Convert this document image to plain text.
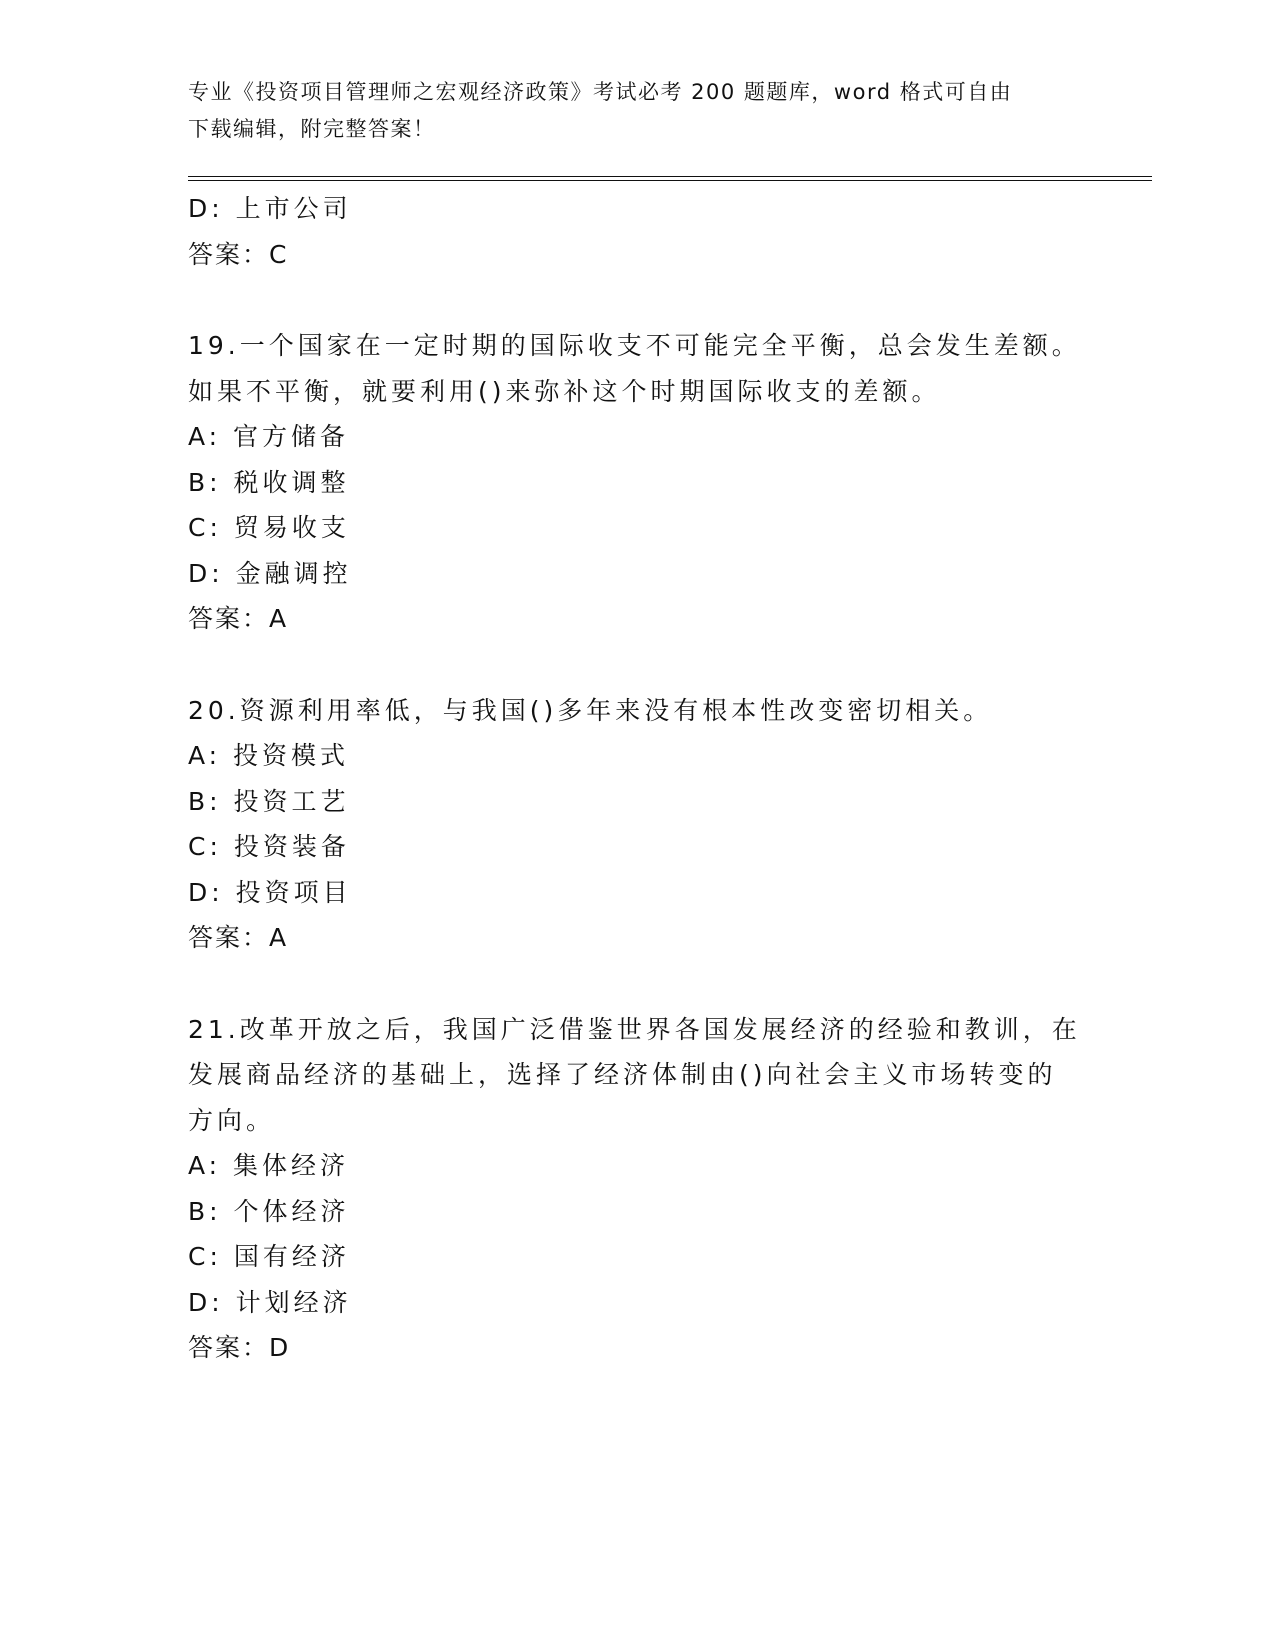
专业《投资项目管理师之宏观经济政策》考试必考 200 题题库，word 格式可自由
下载编辑，附完整答案！
D: 上市公司
答案：C
19.一个国家在一定时期的国际收支不可能完全平衡，总会发生差额。
如果不平衡，就要利用()来弥补这个时期国际收支的差额。
A: 官方储备
B: 税收调整
C: 贸易收支
D: 金融调控
答案：A
20.资源利用率低，与我国()多年来没有根本性改变密切相关。
A: 投资模式
B: 投资工艺
C: 投资装备
D: 投资项目
答案：A
21.改革开放之后，我国广泛借鉴世界各国发展经济的经验和教训，在
发展商品经济的基础上，选择了经济体制由()向社会主义市场转变的
方向。
A: 集体经济
B: 个体经济
C: 国有经济
D: 计划经济
答案：D
